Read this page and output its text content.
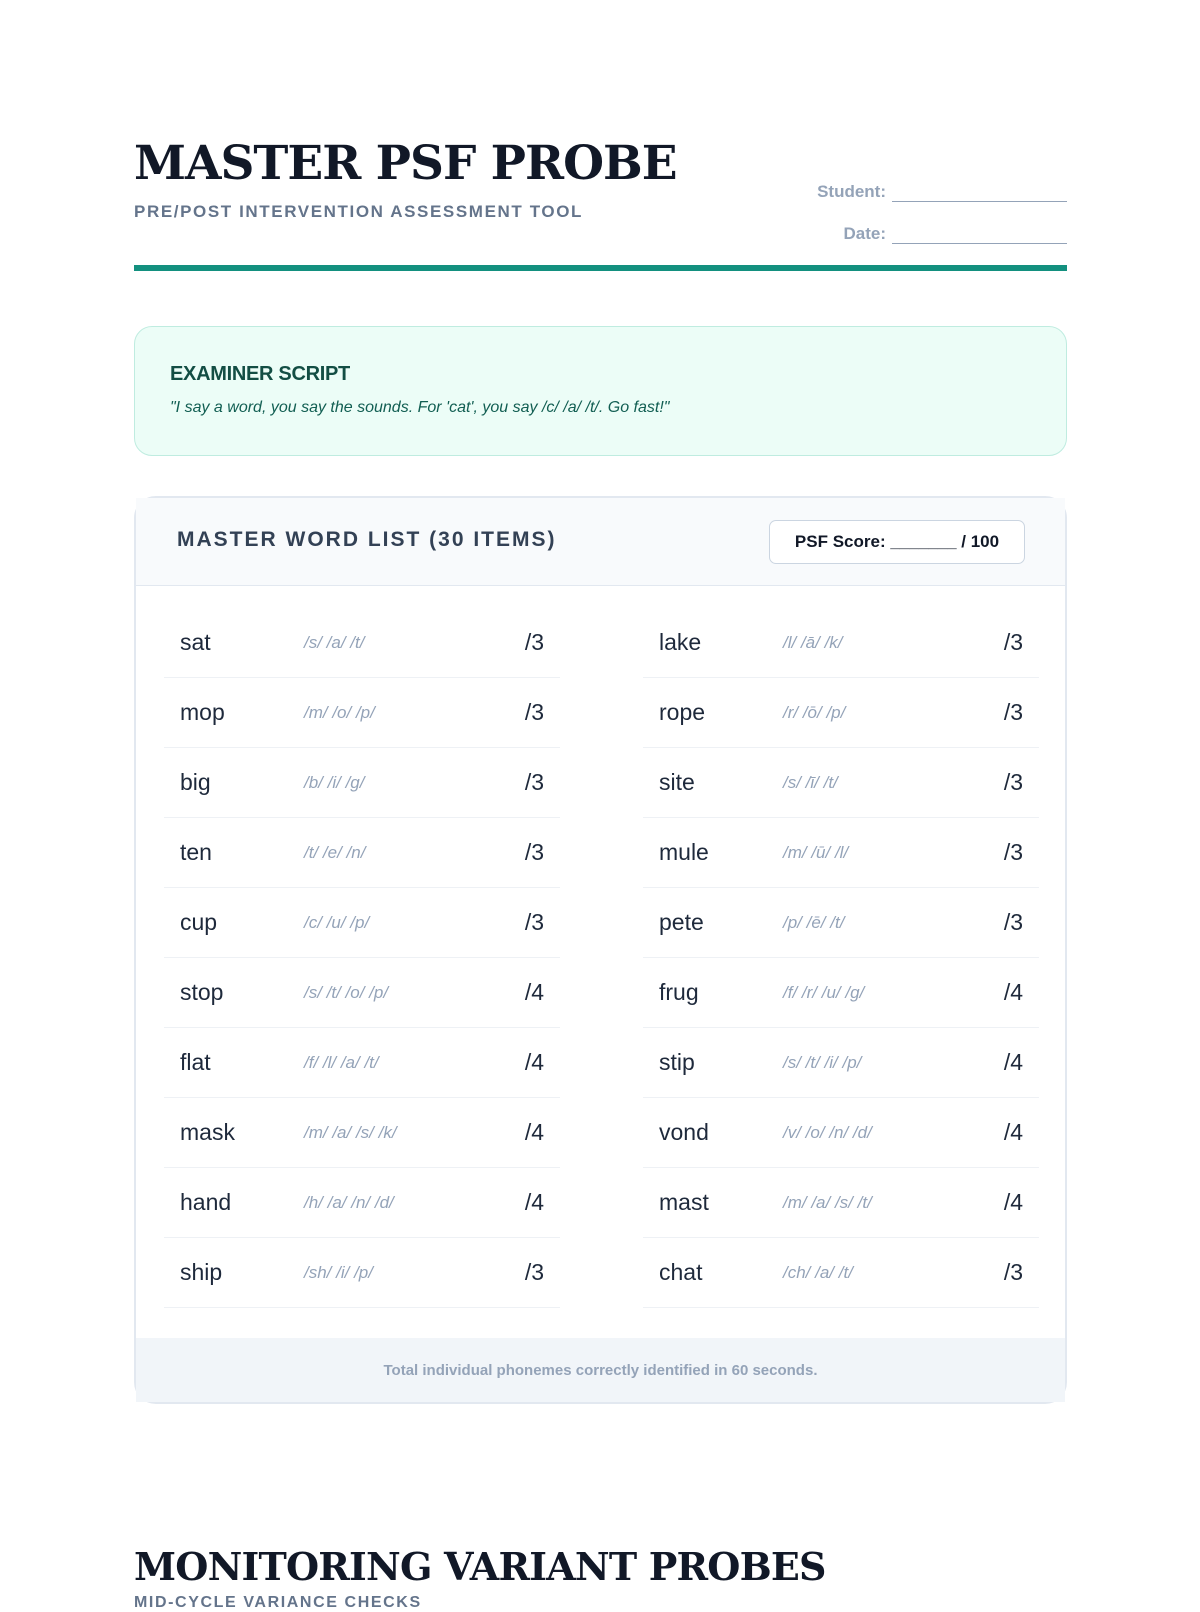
MASTER PSF PROBE
PRE/POST INTERVENTION ASSESSMENT TOOL
Student:
Date:
EXAMINER SCRIPT
"I say a word, you say the sounds. For 'cat', you say /c/ /a/ /t/. Go fast!"
MASTER WORD LIST (30 ITEMS)	PSF Score: _______ / 100
sat	/s/ /a/ /t/	/3
mop	/m/ /o/ /p/	/3
big	/b/ /i/ /g/	/3
ten	/t/ /e/ /n/	/3
cup	/c/ /u/ /p/	/3
stop	/s/ /t/ /o/ /p/	/4
flat	/f/ /l/ /a/ /t/	/4
mask	/m/ /a/ /s/ /k/	/4
hand	/h/ /a/ /n/ /d/	/4
ship	/sh/ /i/ /p/	/3
lake	/l/ /ā/ /k/	/3
rope	/r/ /ō/ /p/	/3
site	/s/ /ī/ /t/	/3
mule	/m/ /ū/ /l/	/3
pete	/p/ /ē/ /t/	/3
frug	/f/ /r/ /u/ /g/	/4
stip	/s/ /t/ /i/ /p/	/4
vond	/v/ /o/ /n/ /d/	/4
mast	/m/ /a/ /s/ /t/	/4
chat	/ch/ /a/ /t/	/3
Total individual phonemes correctly identified in 60 seconds.
MONITORING VARIANT PROBES
MID-CYCLE VARIANCE CHECKS
